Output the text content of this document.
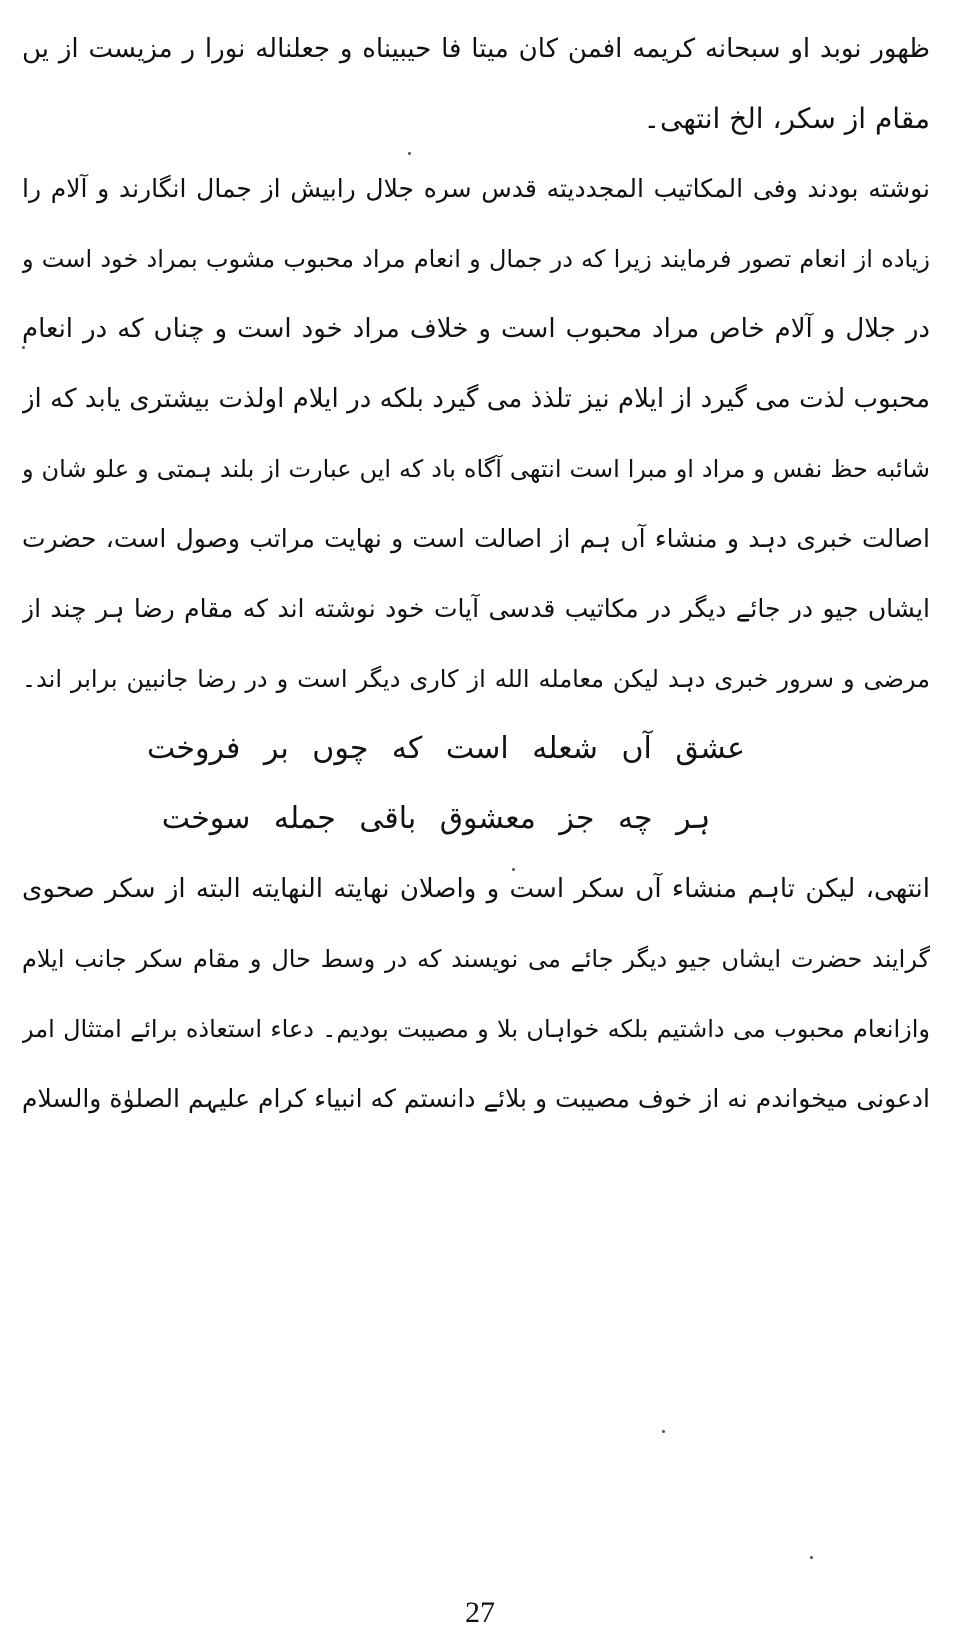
ظهور نوبد او سبحانه کریمه افمن کان میتا فا حیبیناه و جعلناله نورا ر مزیست از یں
مقام از سکر، الخ انتهی۔
نوشته بودند وفی المکاتیب المجددیته قدس سره جلال رابیش از جمال انگارند و آلام را
زیاده از انعام تصور فرمایند زیرا که در جمال و انعام مراد محبوب مشوب بمراد خود است و
در جلال و آلام خاص مراد محبوب است و خلاف مراد خود است و چناں که در انعام
محبوب لذت می گیرد از ایلام نیز تلذذ می گیرد بلکه در ایلام اولذت بیشتری یابد که از
شائبه حظ نفس و مراد او مبرا است انتهی آگاه باد که ایں عبارت از بلند ہمتی و علو شان و
اصالت خبری دہد و منشاء آں ہم از اصالت است و نهایت مراتب وصول است، حضرت
ایشاں جیو در جائے دیگر در مکاتیب قدسی آیات خود نوشته اند که مقام رضا ہر چند از
مرضی و سرور خبری دہد لیکن معامله الله از کاری دیگر است و در رضا جانبین برابر اند۔
عشق آں شعله است که چوں بر فروخت
ہر چه جز معشوق باقی جمله سوخت
انتهی، لیکن تاہم منشاء آں سکر است و واصلان نهایته النهایته البته از سکر صحوی
گرایند حضرت ایشاں جیو دیگر جائے می نویسند که در وسط حال و مقام سکر جانب ایلام
وازانعام محبوب می داشتیم بلکه خواہاں بلا و مصیبت بودیم۔ دعاء استعاذه برائے امتثال امر
ادعونی میخواندم نه از خوف مصیبت و بلائے دانستم که انبیاء کرام علیہم الصلوٰة والسلام
27
